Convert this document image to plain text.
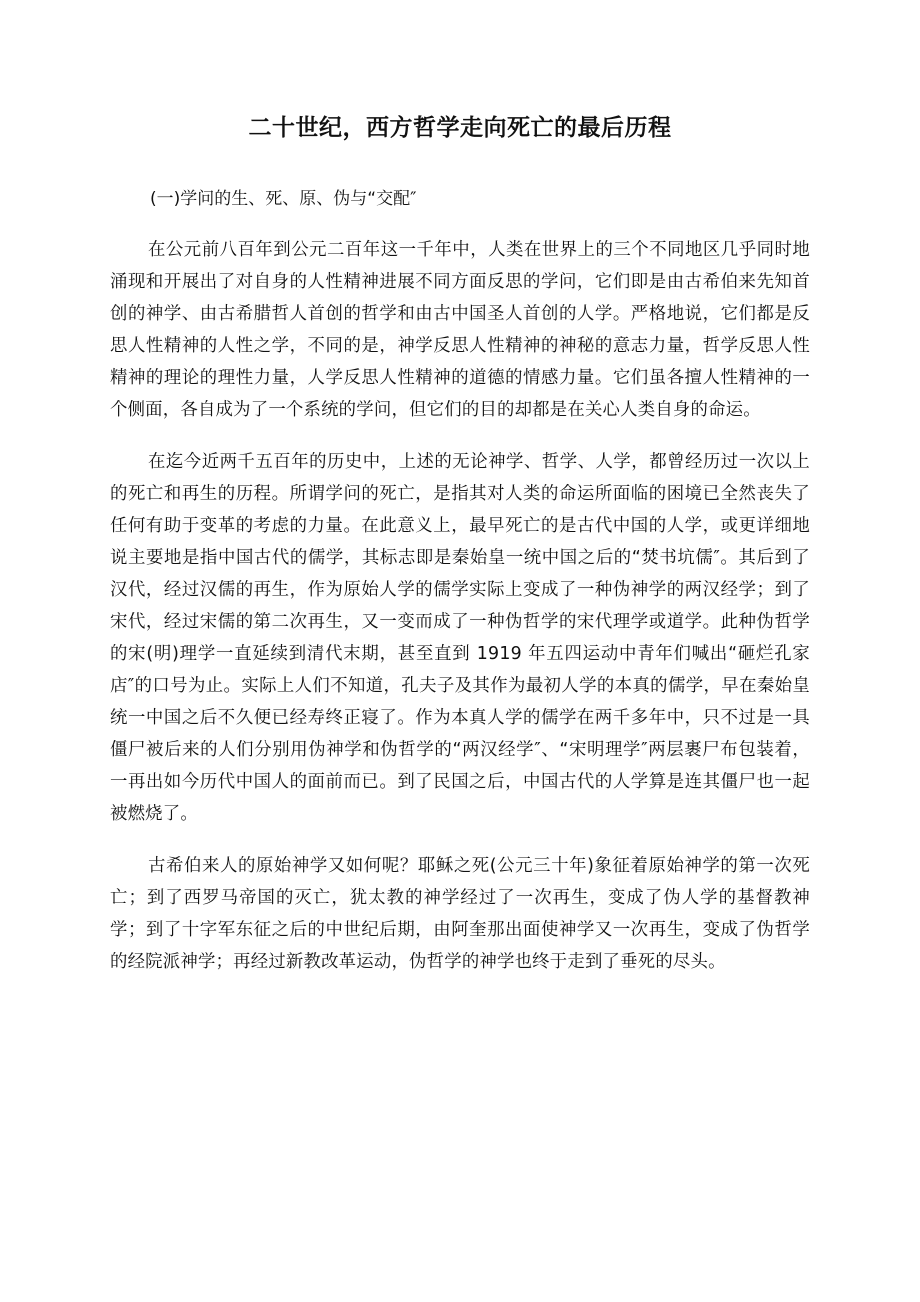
二十世纪，西方哲学走向死亡的最后历程

(一)学问的生、死、原、伪与“交配″

在公元前八百年到公元二百年这一千年中，人类在世界上的三个不同地区几乎同时地涌现和开展出了对自身的人性精神进展不同方面反思的学问，它们即是由古希伯来先知首创的神学、由古希腊哲人首创的哲学和由古中国圣人首创的人学。严格地说，它们都是反思人性精神的人性之学，不同的是，神学反思人性精神的神秘的意志力量，哲学反思人性精神的理论的理性力量，人学反思人性精神的道德的情感力量。它们虽各擅人性精神的一个侧面，各自成为了一个系统的学问，但它们的目的却都是在关心人类自身的命运。

在迄今近两千五百年的历史中，上述的无论神学、哲学、人学，都曾经历过一次以上的死亡和再生的历程。所谓学问的死亡，是指其对人类的命运所面临的困境已全然丧失了任何有助于变革的考虑的力量。在此意义上，最早死亡的是古代中国的人学，或更详细地说主要地是指中国古代的儒学，其标志即是秦始皇一统中国之后的“焚书坑儒″。其后到了汉代，经过汉儒的再生，作为原始人学的儒学实际上变成了一种伪神学的两汉经学；到了宋代，经过宋儒的第二次再生，又一变而成了一种伪哲学的宋代理学或道学。此种伪哲学的宋(明)理学一直延续到清代末期，甚至直到 1919 年五四运动中青年们喊出“砸烂孔家店″的口号为止。实际上人们不知道，孔夫子及其作为最初人学的本真的儒学，早在秦始皇统一中国之后不久便已经寿终正寝了。作为本真人学的儒学在两千多年中，只不过是一具僵尸被后来的人们分别用伪神学和伪哲学的“两汉经学″、“宋明理学″两层裹尸布包装着，一再出如今历代中国人的面前而已。到了民国之后，中国古代的人学算是连其僵尸也一起被燃烧了。

古希伯来人的原始神学又如何呢？耶稣之死(公元三十年)象征着原始神学的第一次死亡；到了西罗马帝国的灭亡，犹太教的神学经过了一次再生，变成了伪人学的基督教神学；到了十字军东征之后的中世纪后期，由阿奎那出面使神学又一次再生，变成了伪哲学的经院派神学；再经过新教改革运动，伪哲学的神学也终于走到了垂死的尽头。
